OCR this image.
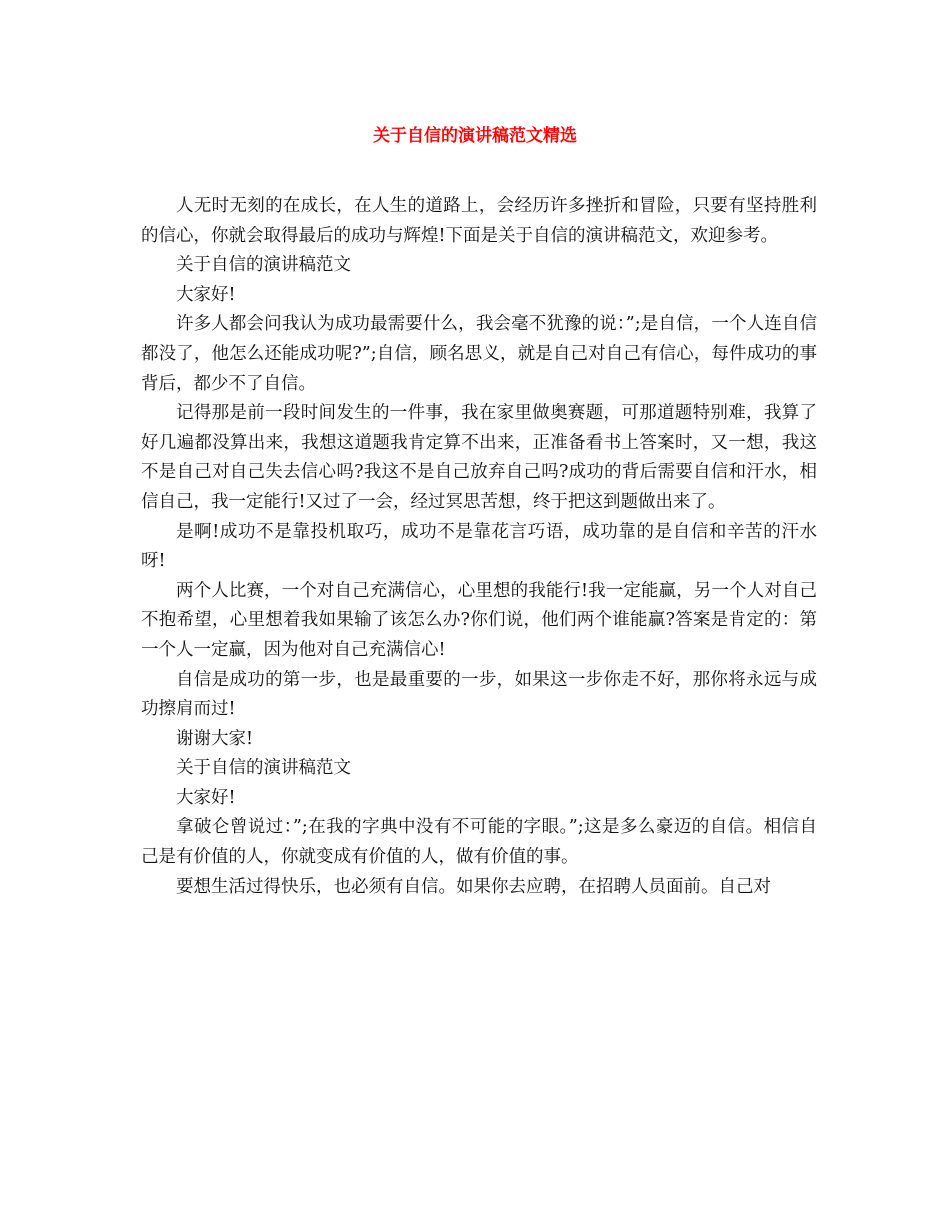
关于自信的演讲稿范文精选

人无时无刻的在成长，在人生的道路上，会经历许多挫折和冒险，只要有坚持胜利的信心，你就会取得最后的成功与辉煌!下面是关于自信的演讲稿范文，欢迎参考。

关于自信的演讲稿范文

大家好!

许多人都会问我认为成功最需要什么，我会毫不犹豫的说：”;是自信，一个人连自信都没了，他怎么还能成功呢?”;自信，顾名思义，就是自己对自己有信心，每件成功的事背后，都少不了自信。

记得那是前一段时间发生的一件事，我在家里做奥赛题，可那道题特别难，我算了好几遍都没算出来，我想这道题我肯定算不出来，正准备看书上答案时，又一想，我这不是自己对自己失去信心吗?我这不是自己放弃自己吗?成功的背后需要自信和汗水，相信自己，我一定能行!又过了一会，经过冥思苦想，终于把这到题做出来了。

是啊!成功不是靠投机取巧，成功不是靠花言巧语，成功靠的是自信和辛苦的汗水呀!

两个人比赛，一个对自己充满信心，心里想的我能行!我一定能赢，另一个人对自己不抱希望，心里想着我如果输了该怎么办?你们说，他们两个谁能赢?答案是肯定的：第一个人一定赢，因为他对自己充满信心!

自信是成功的第一步，也是最重要的一步，如果这一步你走不好，那你将永远与成功擦肩而过!

谢谢大家!

关于自信的演讲稿范文

大家好!

拿破仑曾说过：”;在我的字典中没有不可能的字眼。”;这是多么豪迈的自信。相信自己是有价值的人，你就变成有价值的人，做有价值的事。

要想生活过得快乐，也必须有自信。如果你去应聘，在招聘人员面前。自己对
